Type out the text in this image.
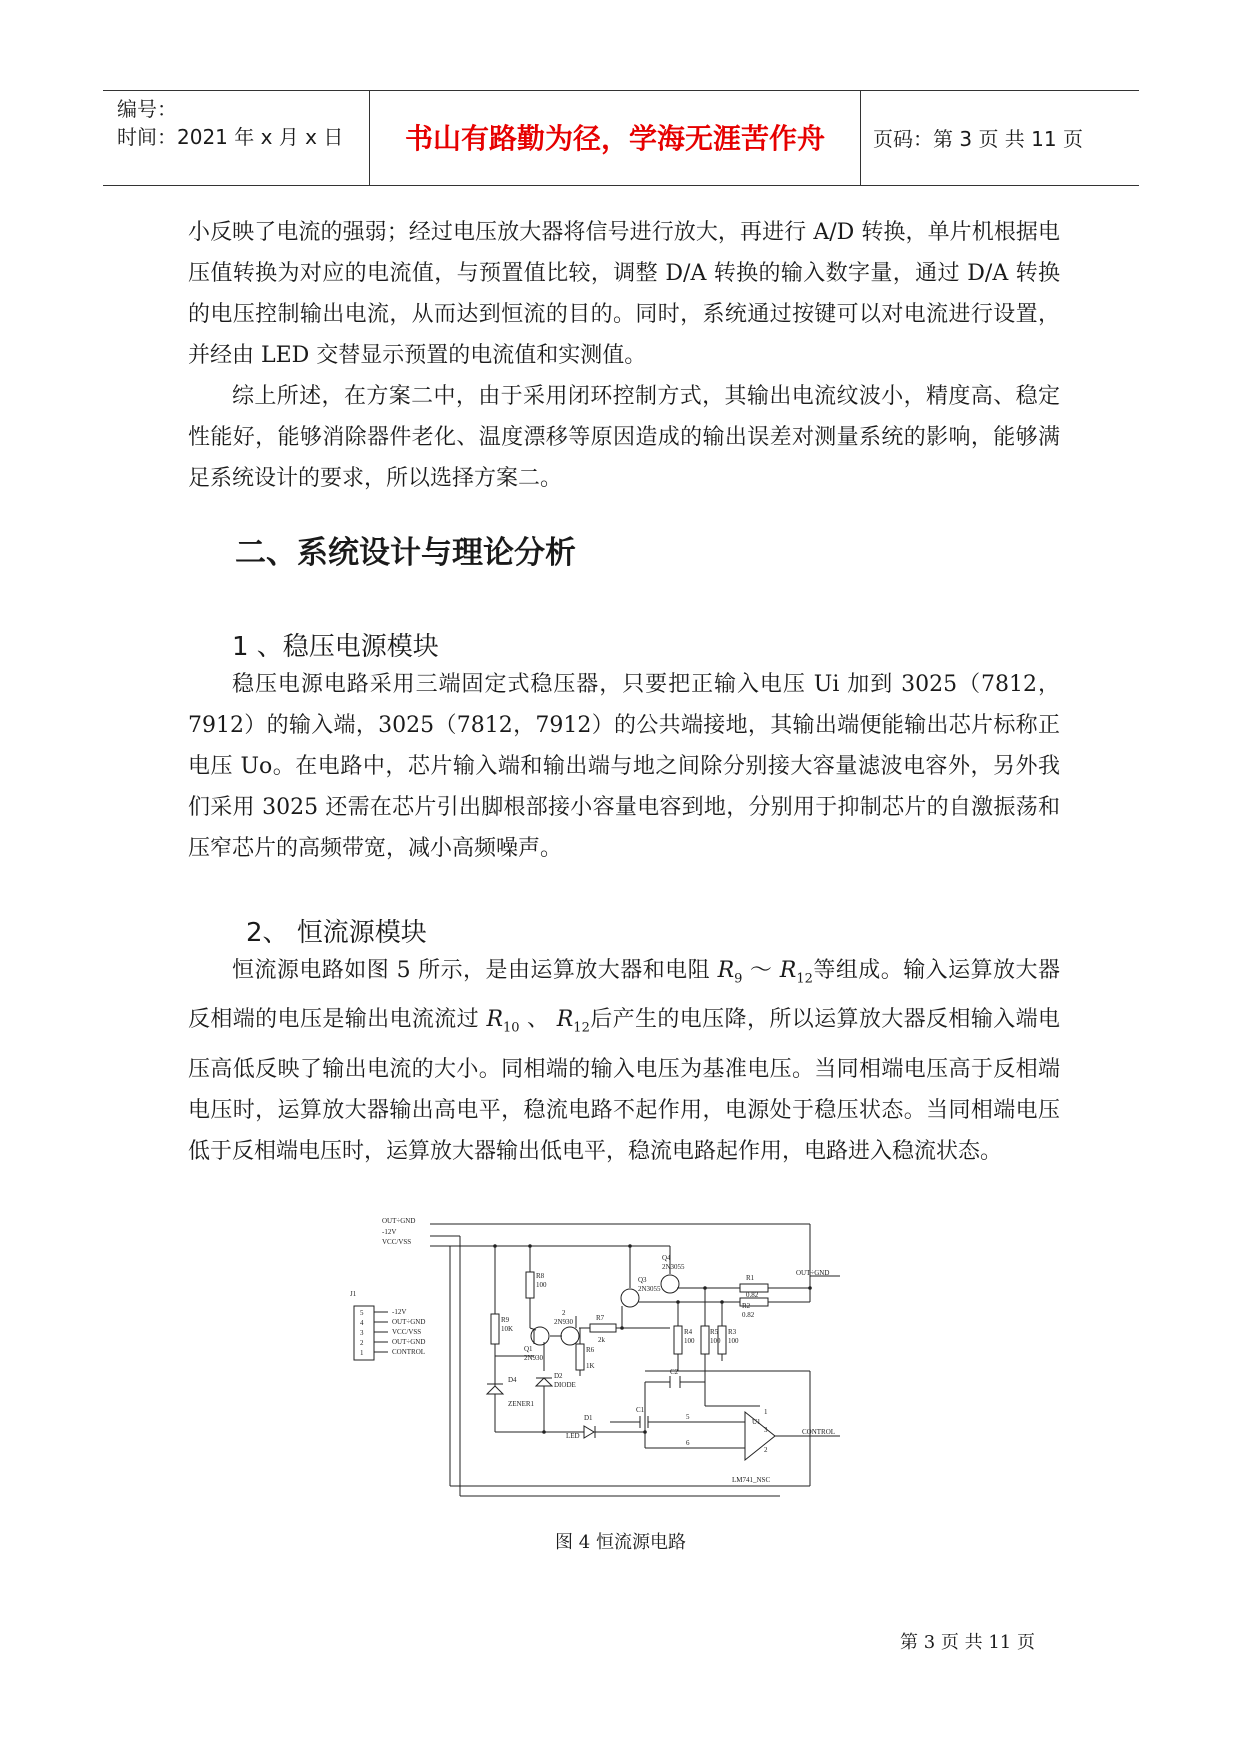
编号：
时间：2021 年 x 月 x 日	书山有路勤为径，学海无涯苦作舟	页码：第 3 页 共 11 页
小反映了电流的强弱；经过电压放大器将信号进行放大，再进行 A/D 转换，单片机根据电压值转换为对应的电流值，与预置值比较，调整 D/A 转换的输入数字量，通过 D/A 转换的电压控制输出电流，从而达到恒流的目的。同时，系统通过按键可以对电流进行设置，并经由 LED 交替显示预置的电流值和实测值。
综上所述，在方案二中，由于采用闭环控制方式，其输出电流纹波小，精度高、稳定性能好，能够消除器件老化、温度漂移等原因造成的输出误差对测量系统的影响，能够满足系统设计的要求，所以选择方案二。
二、系统设计与理论分析
1 、稳压电源模块
稳压电源电路采用三端固定式稳压器，只要把正输入电压 Ui 加到 3025（7812，7912）的输入端，3025（7812，7912）的公共端接地，其输出端便能输出芯片标称正电压 Uo。在电路中，芯片输入端和输出端与地之间除分别接大容量滤波电容外，另外我们采用 3025 还需在芯片引出脚根部接小容量电容到地，分别用于抑制芯片的自激振荡和压窄芯片的高频带宽，减小高频噪声。
2、 恒流源模块
恒流源电路如图 5 所示，是由运算放大器和电阻 $R_9$ ～ $R_{12}$等组成。输入运算放大器反相端的电压是输出电流流过 $R_{10}$ 、 $R_{12}$后产生的电压降，所以运算放大器反相输入端电压高低反映了输出电流的大小。同相端的输入电压为基准电压。当同相端电压高于反相端电压时，运算放大器输出高电平，稳流电路不起作用，电源处于稳压状态。当同相端电压低于反相端电压时，运算放大器输出低电平，稳流电路起作用，电路进入稳流状态。
OUT÷GND
-12V
VCC/VSS
J1
5
4
3
2
1
-12V
OUT÷GND
VCC/VSS
OUT÷GND
CONTROL
R8
100
R9
10K
Q1
2N930
2
2N930	R7
2k
R6
1K
Q3
2N3055
Q4
2N3055
R1
0.82
R2
0.82
OUT÷GND
R4
100
R5
100
R3
100
C2
C1
5
6
U1
1
3
2
CONTROL
D4
ZENER1
D2
DIODE
D1
LED
LM741_NSC
图 4 恒流源电路
第 3 页 共 11 页
